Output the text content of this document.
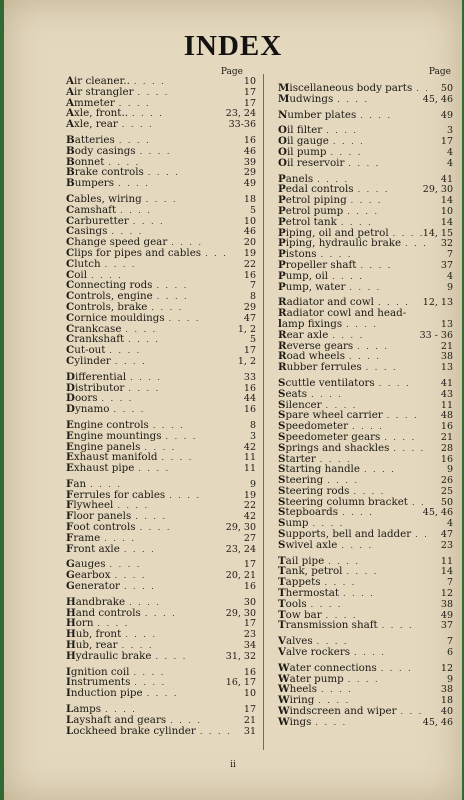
INDEX
Page
Air cleaner.. . . . .	10
Air strangler . . . .	17
Ammeter . . . .	17
Axle, front.. . . . .	23, 24
Axle, rear . . . .	33-36
Batteries . . . .	16
Body casings . . . .	46
Bonnet . . . .	39
Brake controls . . . .	29
Bumpers . . . .	49
Cables, wiring . . . .	18
Camshaft . . . .	5
Carburetter . . . .	10
Casings . . . .	46
Change speed gear . . . .	20
Clips for pipes and cables . . . .	19
Clutch . . . .	22
Coil . . . .	16
Connecting rods . . . .	7
Controls, engine . . . .	8
Controls, brake . . . .	29
Cornice mouldings . . . .	47
Crankcase . . . .	1, 2
Crankshaft . . . .	5
Cut-out . . . .	17
Cylinder . . . .	1, 2
Differential . . . .	33
Distributor . . . .	16
Doors . . . .	44
Dynamo . . . .	16
Engine controls . . . .	8
Engine mountings . . . .	3
Engine panels . . . .	42
Exhaust manifold . . . .	11
Exhaust pipe . . . .	11
Fan . . . .	9
Ferrules for cables . . . .	19
Flywheel . . . .	22
Floor panels . . . .	42
Foot controls . . . .	29, 30
Frame . . . .	27
Front axle . . . .	23, 24
Gauges . . . .	17
Gearbox . . . .	20, 21
Generator . . . .	16
Handbrake . . . .	30
Hand controls . . . .	29, 30
Horn . . . .	17
Hub, front . . . .	23
Hub, rear . . . .	34
Hydraulic brake . . . .	31, 32
Ignition coil . . . .	16
Instruments . . . .	16, 17
Induction pipe . . . .	10
Lamps . . . .	17
Layshaft and gears . . . .	21
Lockheed brake cylinder . . . .	31
Page
Miscellaneous body parts . . . .	50
Mudwings . . . .	45, 46
Number plates . . . .	49
Oil filter . . . .	3
Oil gauge . . . .	17
Oil pump . . . .	4
Oil reservoir . . . .	4
Panels . . . .	41
Pedal controls . . . .	29, 30
Petrol piping . . . .	14
Petrol pump . . . .	10
Petrol tank . . . .	14
Piping, oil and petrol . . . .	14, 15
Piping, hydraulic brake . . . .	32
Pistons . . . .	7
Propeller shaft . . . .	37
Pump, oil . . . .	4
Pump, water . . . .	9
Radiator and cowl . . . .	12, 13
Radiator cowl and head-
lamp fixings . . . .	13
Rear axle . . . .	33 - 36
Reverse gears . . . .	21
Road wheels . . . .	38
Rubber ferrules . . . .	13
Scuttle ventilators . . . .	41
Seats . . . .	43
Silencer . . . .	11
Spare wheel carrier . . . .	48
Speedometer . . . .	16
Speedometer gears . . . .	21
Springs and shackles . . . .	28
Starter . . . .	16
Starting handle . . . .	9
Steering . . . .	26
Steering rods . . . .	25
Steering column bracket . . . .	50
Stepboards . . . .	45, 46
Sump . . . .	4
Supports, bell and ladder . . . .	47
Swivel axle . . . .	23
Tail pipe . . . .	11
Tank, petrol . . . .	14
Tappets . . . .	7
Thermostat . . . .	12
Tools . . . .	38
Tow bar . . . .	49
Transmission shaft . . . .	37
Valves . . . .	7
Valve rockers . . . .	6
Water connections . . . .	12
Water pump . . . .	9
Wheels . . . .	38
Wiring . . . .	18
Windscreen and wiper . . . .	40
Wings . . . .	45, 46
ii
